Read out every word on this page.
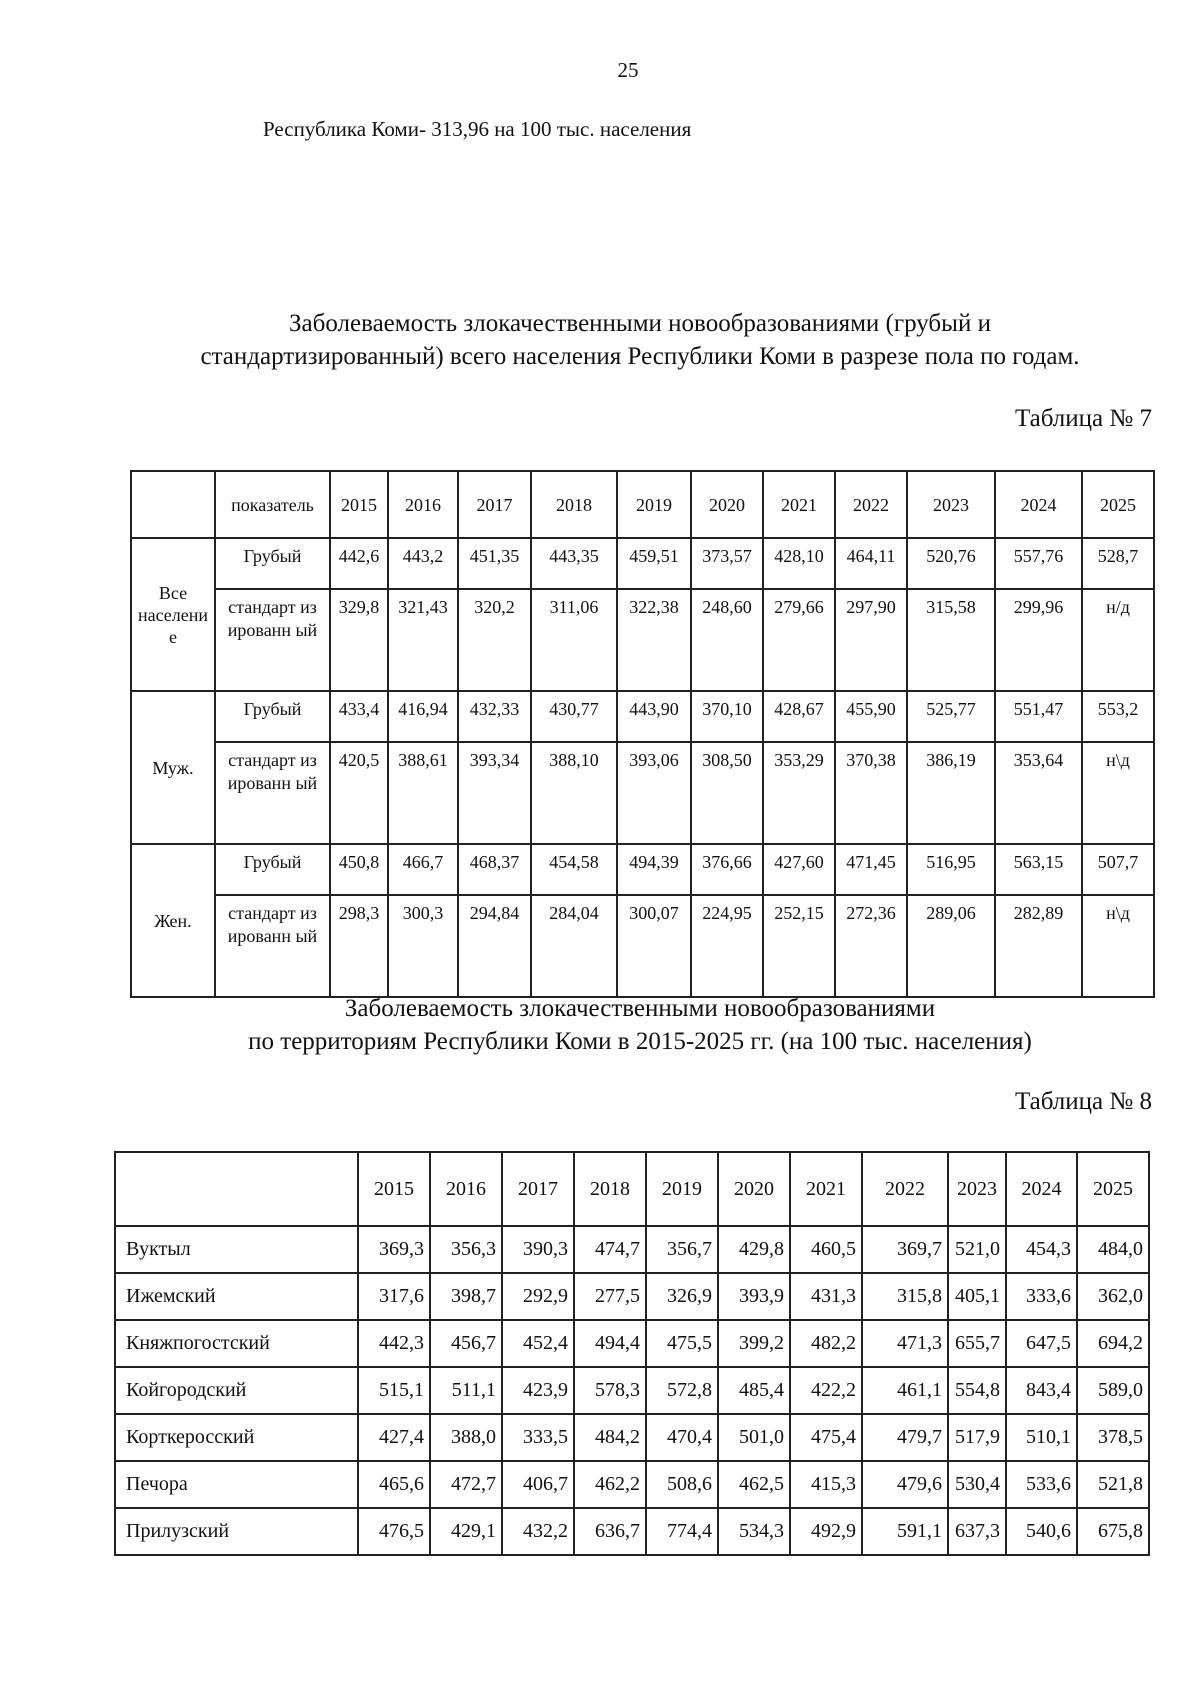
25
Республика Коми- 313,96 на 100 тыс. населения
Заболеваемость злокачественными новообразованиями (грубый и
стандартизированный) всего населения Республики Коми в разрезе пола по годам.
Таблица № 7
	показатель	2015	2016	2017	2018	2019	2020	2021	2022	2023	2024	2025
Все населени е	Грубый	442,6	443,2	451,35	443,35	459,51	373,57	428,10	464,11	520,76	557,76	528,7
	стандарт из ированн ый	329,8	321,43	320,2	311,06	322,38	248,60	279,66	297,90	315,58	299,96	н/д
Муж.	Грубый	433,4	416,94	432,33	430,77	443,90	370,10	428,67	455,90	525,77	551,47	553,2
	стандарт из ированн ый	420,5	388,61	393,34	388,10	393,06	308,50	353,29	370,38	386,19	353,64	н\д
Жен.	Грубый	450,8	466,7	468,37	454,58	494,39	376,66	427,60	471,45	516,95	563,15	507,7
	стандарт из ированн ый	298,3	300,3	294,84	284,04	300,07	224,95	252,15	272,36	289,06	282,89	н\д
Заболеваемость злокачественными новообразованиями
по территориям Республики Коми в 2015-2025 гг. (на 100 тыс. населения)
Таблица № 8
	2015	2016	2017	2018	2019	2020	2021	2022	2023	2024	2025
Вуктыл	369,3	356,3	390,3	474,7	356,7	429,8	460,5	369,7	521,0	454,3	484,0
Ижемский	317,6	398,7	292,9	277,5	326,9	393,9	431,3	315,8	405,1	333,6	362,0
Княжпогостский	442,3	456,7	452,4	494,4	475,5	399,2	482,2	471,3	655,7	647,5	694,2
Койгородский	515,1	511,1	423,9	578,3	572,8	485,4	422,2	461,1	554,8	843,4	589,0
Корткеросский	427,4	388,0	333,5	484,2	470,4	501,0	475,4	479,7	517,9	510,1	378,5
Печора	465,6	472,7	406,7	462,2	508,6	462,5	415,3	479,6	530,4	533,6	521,8
Прилузский	476,5	429,1	432,2	636,7	774,4	534,3	492,9	591,1	637,3	540,6	675,8
